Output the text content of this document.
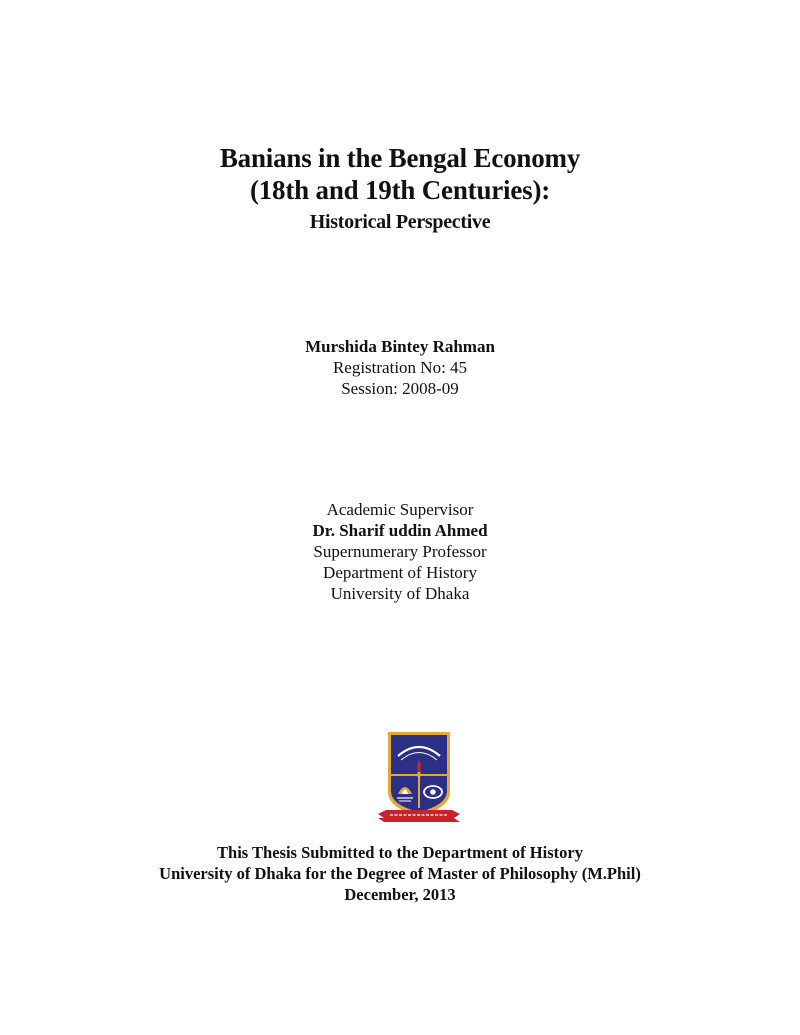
Banians in the Bengal Economy
(18th and 19th Centuries):
Historical Perspective
Murshida Bintey Rahman
Registration No: 45
Session: 2008-09
Academic Supervisor
Dr. Sharif uddin Ahmed
Supernumerary Professor
Department of History
University of Dhaka
This Thesis Submitted to the Department of History
University of Dhaka for the Degree of Master of Philosophy (M.Phil)
December, 2013
